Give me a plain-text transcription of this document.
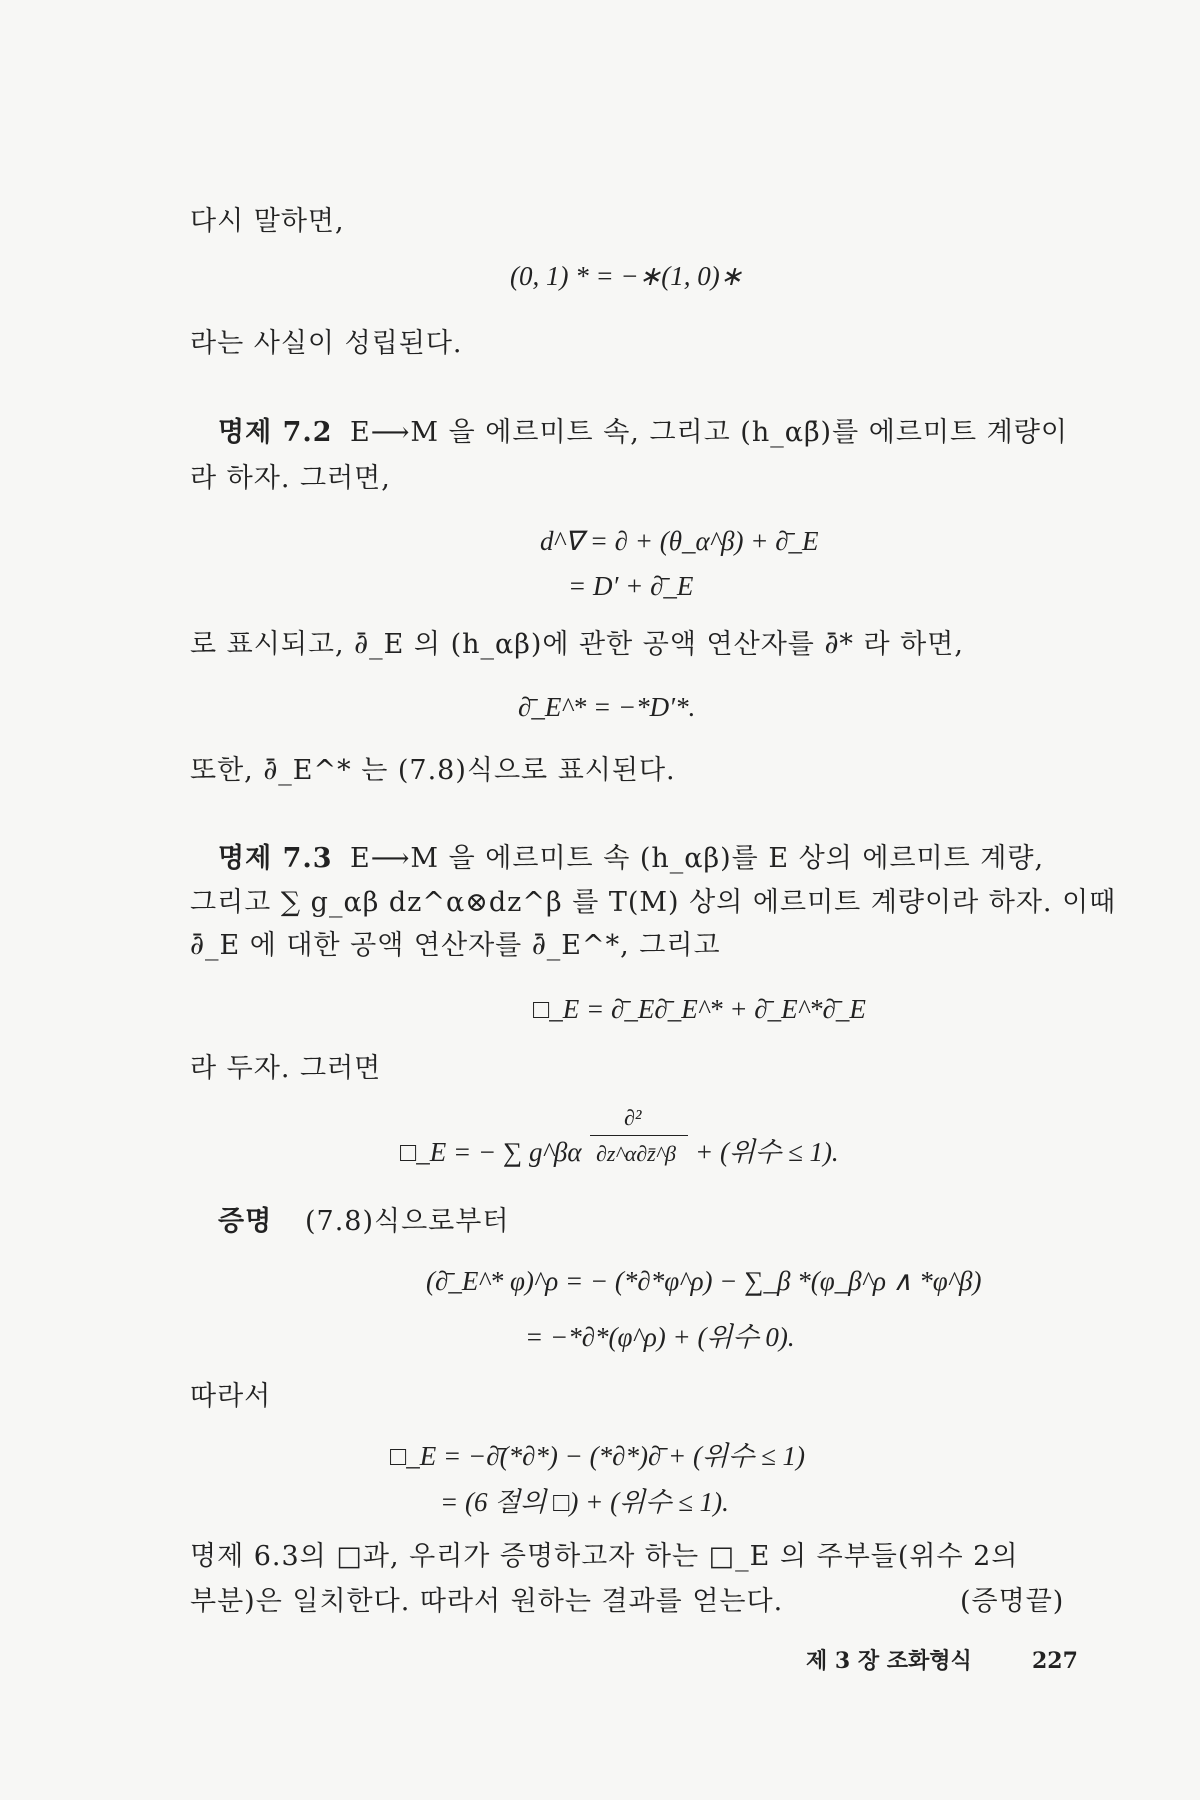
다시 말하면,
(0, 1) * = −∗(1, 0)∗
라는 사실이 성립된다.
명제 7.2 E⟶M 을 에르미트 속, 그리고 (h_αβ̄)를 에르미트 계량이
라 하자. 그러면,
d^∇ = ∂ + (θ_α^β) + ∂̄_E
= D′ + ∂̄_E
로 표시되고, ∂̄_E 의 (h_αβ)에 관한 공액 연산자를 ∂̄* 라 하면,
∂̄_E^* = −*D′*.
또한, ∂̄_E^* 는 (7.8)식으로 표시된다.
명제 7.3 E⟶M 을 에르미트 속 (h_αβ)를 E 상의 에르미트 계량,
그리고 ∑ g_αβ dz^α⊗dz^β 를 T(M) 상의 에르미트 계량이라 하자. 이때
∂̄_E 에 대한 공액 연산자를 ∂̄_E^*, 그리고
□_E = ∂̄_E∂̄_E^* + ∂̄_E^*∂̄_E
라 두자. 그러면
□_E = − ∑ g^βα
∂²
∂z^α∂z̄^β + (위수 ≤ 1).
증명 (7.8)식으로부터
(∂̄_E^* φ)^ρ = − (*∂*φ^ρ) − ∑_β *(φ_β^ρ ∧ *φ^β)
= −*∂*(φ^ρ) + (위수 0).
따라서
□_E = −∂̄(*∂*) − (*∂*)∂̄ + (위수 ≤ 1)
= (6 절의 □) + (위수 ≤ 1).
명제 6.3의 □과, 우리가 증명하고자 하는 □_E 의 주부들(위수 2의
부분)은 일치한다. 따라서 원하는 결과를 얻는다.	(증명끝)
제 3 장 조화형식	227
